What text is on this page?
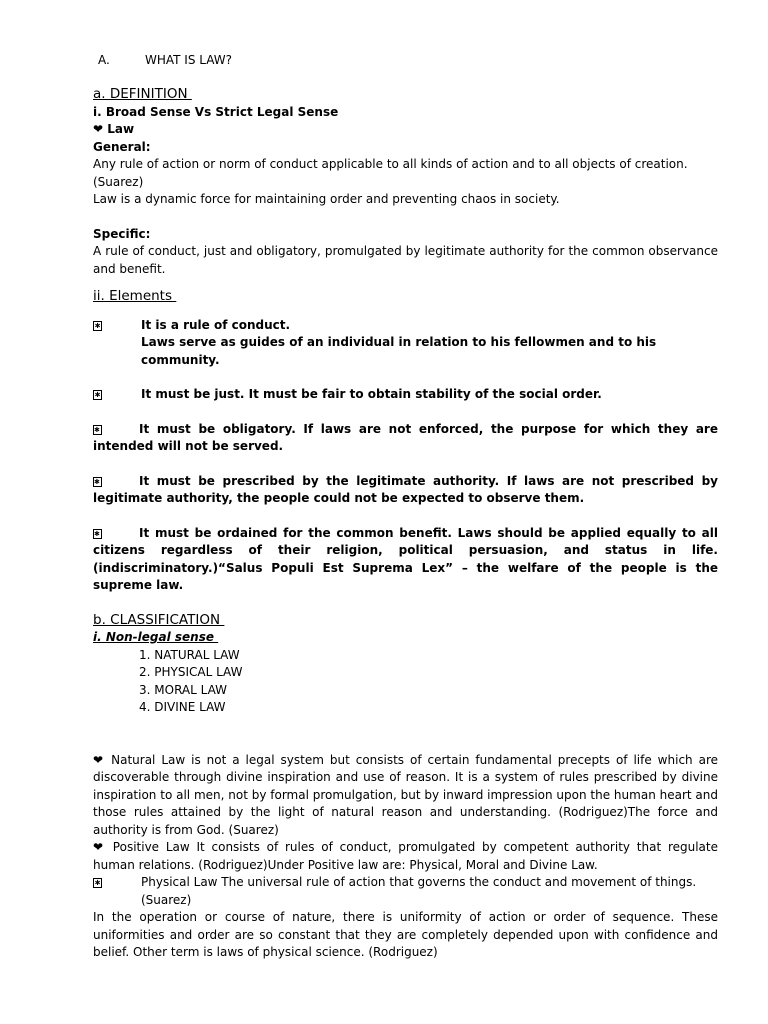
A.	WHAT IS LAW?
a. DEFINITION
i. Broad Sense Vs Strict Legal Sense
❤ Law
General:
Any rule of action or norm of conduct applicable to all kinds of action and to all objects of creation. (Suarez)
Law is a dynamic force for maintaining order and preventing chaos in society.
Specific:
A rule of conduct, just and obligatory, promulgated by legitimate authority for the common observance and benefit.
ii. Elements
✱	It is a rule of conduct.
Laws serve as guides of an individual in relation to his fellowmen and to his community.
✱	It must be just. It must be fair to obtain stability of the social order.
✱	It must be obligatory. If laws are not enforced, the purpose for which they are intended will not be served.
✱	It must be prescribed by the legitimate authority. If laws are not prescribed by legitimate authority, the people could not be expected to observe them.
✱	It must be ordained for the common benefit. Laws should be applied equally to all citizens regardless of their religion, political persuasion, and status in life. (indiscriminatory.)“Salus Populi Est Suprema Lex” – the welfare of the people is the supreme law.
b. CLASSIFICATION
i. Non-legal sense
1. NATURAL LAW
2. PHYSICAL LAW
3. MORAL LAW
4. DIVINE LAW
❤ Natural Law is not a legal system but consists of certain fundamental precepts of life which are discoverable through divine inspiration and use of reason. It is a system of rules prescribed by divine inspiration to all men, not by formal promulgation, but by inward impression upon the human heart and those rules attained by the light of natural reason and understanding. (Rodriguez)The force and authority is from God. (Suarez)
❤ Positive Law It consists of rules of conduct, promulgated by competent authority that regulate human relations. (Rodriguez)Under Positive law are: Physical, Moral and Divine Law.
✱	Physical Law The universal rule of action that governs the conduct and movement of things. (Suarez)
In the operation or course of nature, there is uniformity of action or order of sequence. These uniformities and order are so constant that they are completely depended upon with confidence and belief. Other term is laws of physical science. (Rodriguez)
